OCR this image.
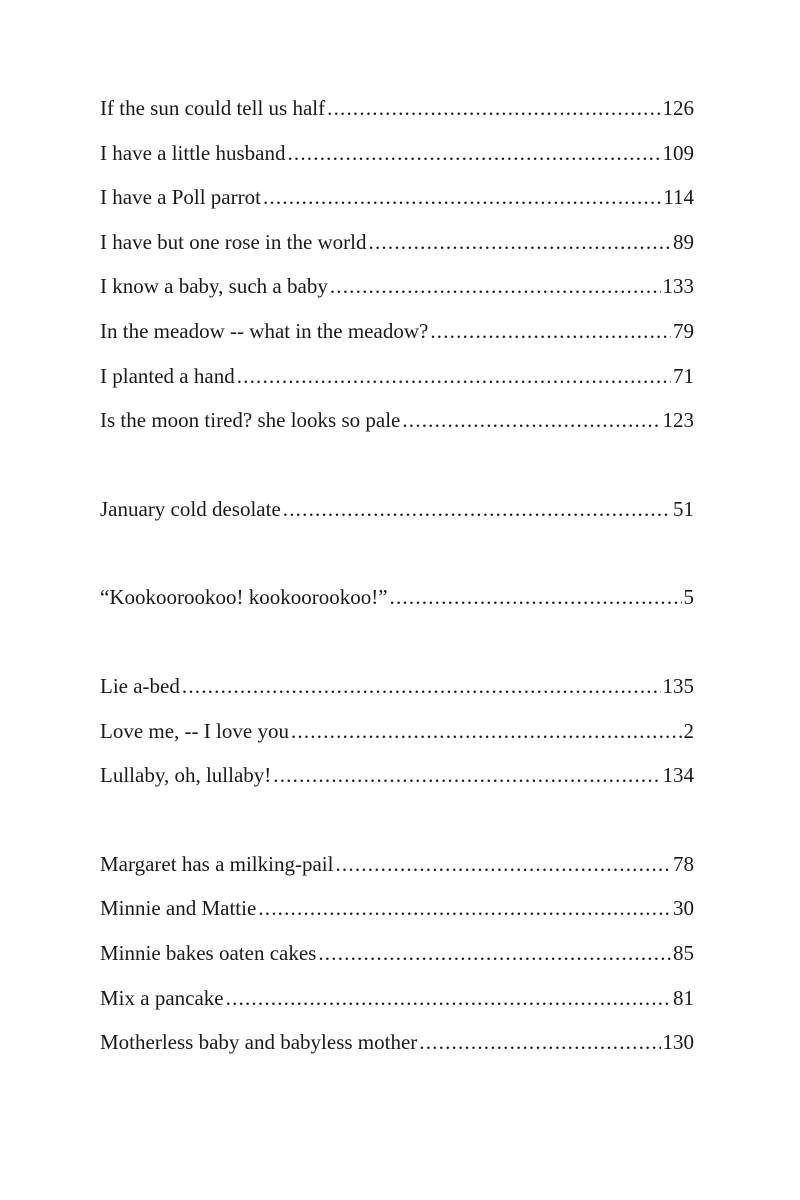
If the sun could tell us half .....	126
I have a little husband .....	109
I have a Poll parrot .....	114
I have but one rose in the world .....	89
I know a baby, such a baby .....	133
In the meadow -- what in the meadow? .....	79
I planted a hand .....	71
Is the moon tired? she looks so pale .....	123
January cold desolate .....	51
“Kookoorookoo! kookoorookoo!” .....	5
Lie a-bed .....	135
Love me, -- I love you .....	2
Lullaby, oh, lullaby! .....	134
Margaret has a milking-pail .....	78
Minnie and Mattie .....	30
Minnie bakes oaten cakes .....	85
Mix a pancake .....	81
Motherless baby and babyless mother .....	130
